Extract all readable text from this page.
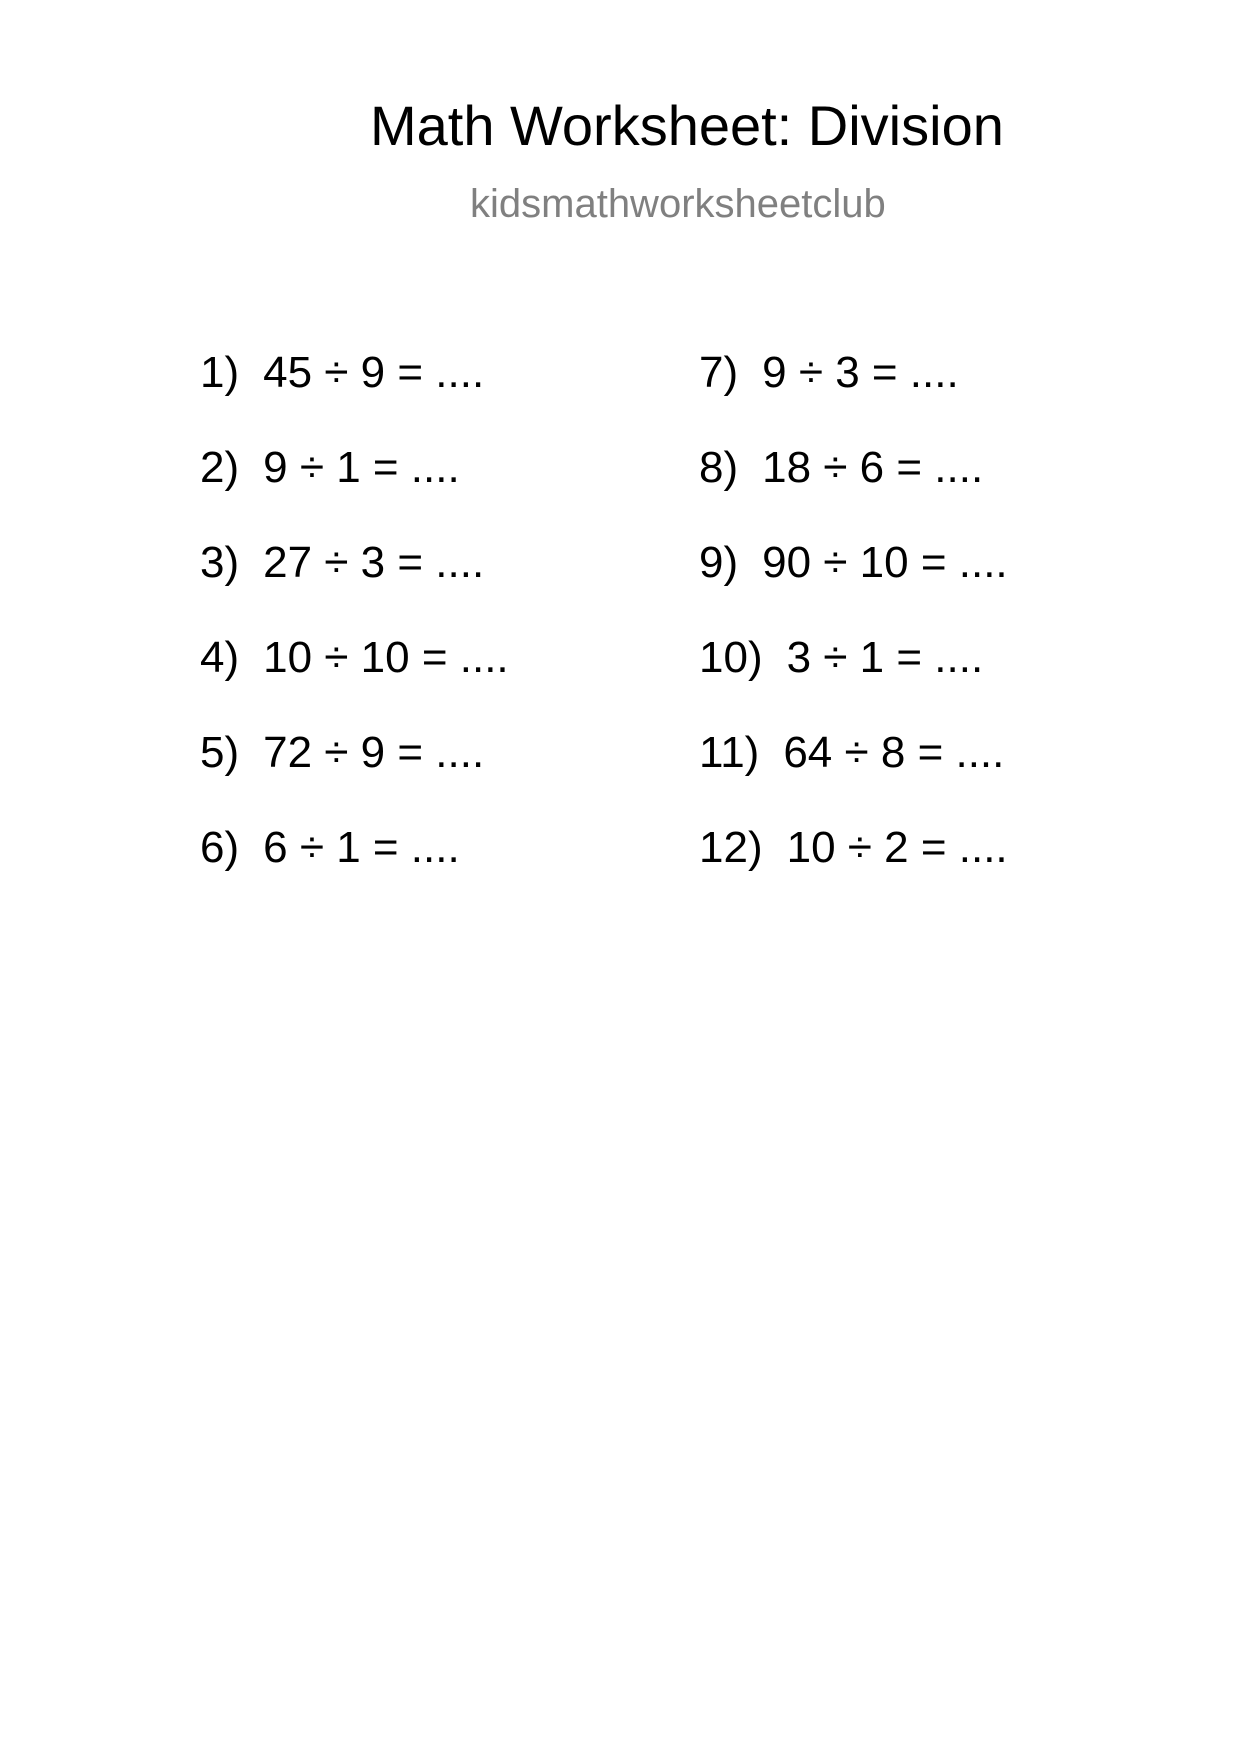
Math Worksheet: Division
kidsmathworksheetclub
1) 45 ÷ 9 = ....
2) 9 ÷ 1 = ....
3) 27 ÷ 3 = ....
4) 10 ÷ 10 = ....
5) 72 ÷ 9 = ....
6) 6 ÷ 1 = ....
7) 9 ÷ 3 = ....
8) 18 ÷ 6 = ....
9) 90 ÷ 10 = ....
10) 3 ÷ 1 = ....
11) 64 ÷ 8 = ....
12) 10 ÷ 2 = ....
